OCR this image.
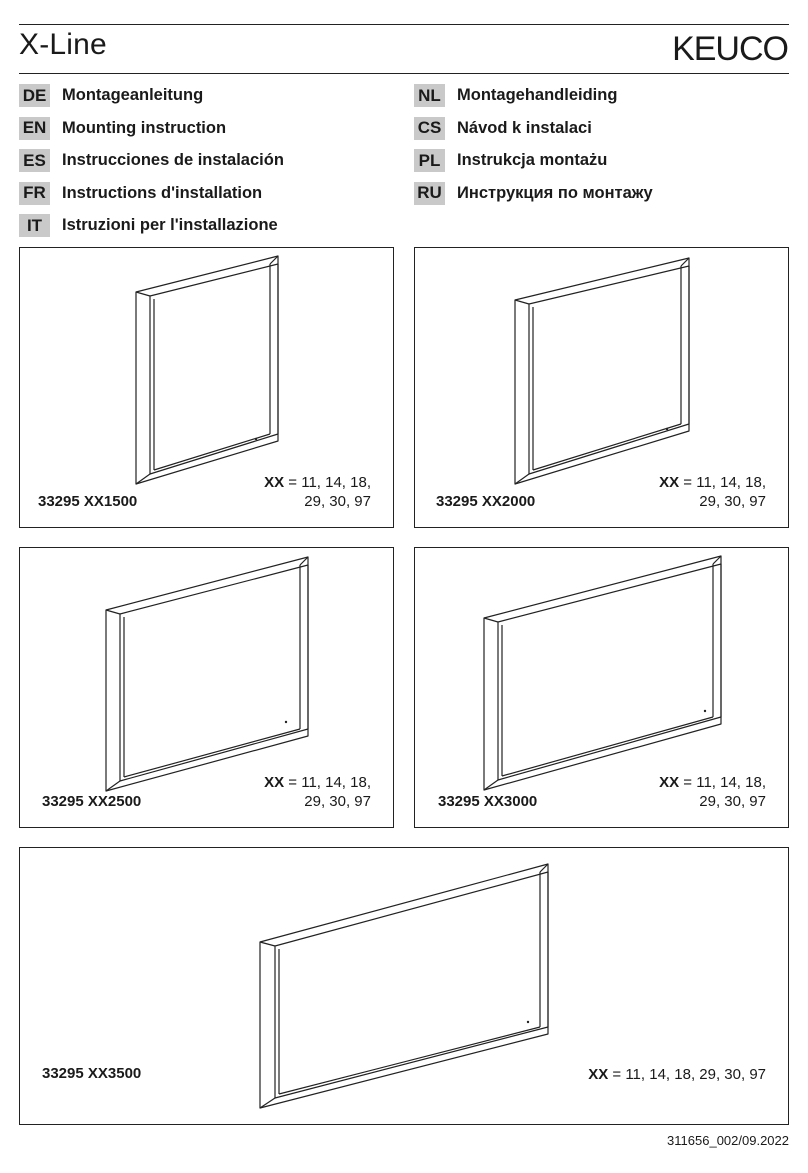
X-Line	KEUCO
DE Montageanleitung
EN Mounting instruction
ES Instrucciones de instalación
FR Instructions d'installation
IT	Istruzioni per l'installazione
NL Montagehandleiding
CS Návod k instalaci
PL Instrukcja montażu
RU Инструкция по монтажу
33295 XX1500
XX = 11, 14, 18,
29, 30, 97	33295 XX2000
XX = 11, 14, 18,
29, 30, 97
33295 XX2500
XX = 11, 14, 18,
29, 30, 97	33295 XX3000
XX = 11, 14, 18,
29, 30, 97
33295 XX3500	XX = 11, 14, 18, 29, 30, 97
311656_002/09.2022
